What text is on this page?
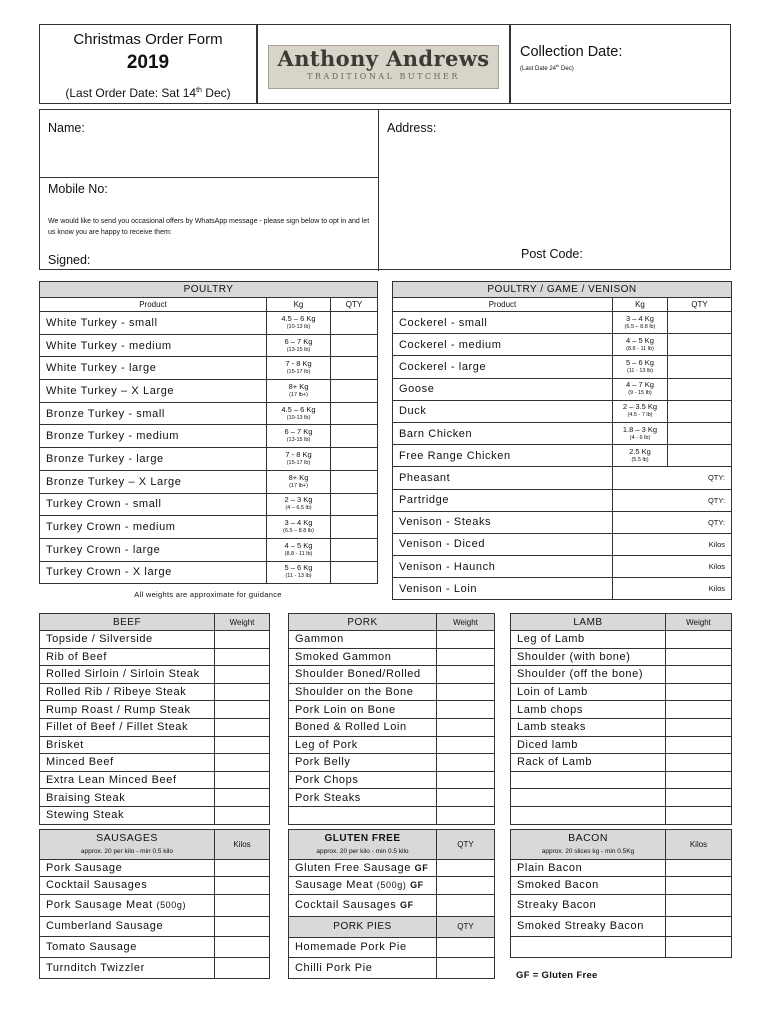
Christmas Order Form
2019
(Last Order Date: Sat 14th Dec)
Anthony Andrews
TRADITIONAL BUTCHER
Collection Date:
(Last Date 24th Dec)
Name:
Mobile No:
We would like to send you occasional offers by WhatsApp message - please sign below to opt in and let us know you are happy to receive them:
Signed:
Address:
Post Code:
POULTRY		
Product	Kg	QTY
White Turkey - small	4.5 – 6 Kg
(10-13 lb)	

White Turkey - medium	6 – 7 Kg
(13-15 lb)	

White Turkey - large	7 - 8 Kg
(15-17 lb)	

White Turkey – X Large	8+ Kg
(17 lb+)	

Bronze Turkey - small	4.5 – 6 Kg
(10-13 lb)	

Bronze Turkey - medium	6 – 7 Kg
(13-15 lb)	

Bronze Turkey - large	7 - 8 Kg
(15-17 lb)	

Bronze Turkey – X Large	8+ Kg
(17 lb+)	

Turkey Crown - small	2 – 3 Kg
(4 – 6.5 lb)	

Turkey Crown - medium	3 – 4 Kg
(6.5 – 8.8 lb)	

Turkey Crown - large	4 – 5 Kg
(8.8 - 11 lb)	

Turkey Crown - X large	5 – 6 Kg
(11 - 13 lb)	

All weights are approximate for guidance
POULTRY / GAME / VENISON		
Product	Kg	QTY
Cockerel - small	3 – 4 Kg
(6.5 – 8.8 lb)	

Cockerel - medium	4 – 5 Kg
(8.8 - 11 lb)	

Cockerel - large	5 – 6 Kg
(11 - 13 lb)	

Goose	4 – 7 Kg
(9 - 15 lb)	

Duck	2 – 3.5 Kg
(4.5 - 7 lb)	

Barn Chicken	1.8 – 3 Kg
(4 - 6 lb)	

Free Range Chicken	2.5 Kg
(5.5 lb)	

Pheasant	QTY:	
Partridge	QTY:	
Venison - Steaks	QTY:	
Venison - Diced	Kilos	
Venison - Haunch	Kilos	
Venison - Loin	Kilos	
BEEF	Weight
Topside / Silverside	
Rib of Beef	
Rolled Sirloin / Sirloin Steak	
Rolled Rib / Ribeye Steak	
Rump Roast / Rump Steak	
Fillet of Beef / Fillet Steak	
Brisket	
Minced Beef	
Extra Lean Minced Beef	
Braising Steak	
Stewing Steak	
PORK	Weight
Gammon	
Smoked Gammon	
Shoulder Boned/Rolled	
Shoulder on the Bone	
Pork Loin on Bone	
Boned & Rolled Loin	
Leg of Pork	
Pork Belly	
Pork Chops	
Pork Steaks	

LAMB	Weight
Leg of Lamb	
Shoulder (with bone)	
Shoulder (off the bone)	
Loin of Lamb	
Lamb chops	
Lamb steaks	
Diced lamb	
Rack of Lamb	

SAUSAGES
approx. 20 per kilo - min 0.5 kilo	Kilos
Pork Sausage	
Cocktail Sausages	
Pork Sausage Meat (500g)	
Cumberland Sausage	
Tomato Sausage	
Turnditch Twizzler	
GLUTEN FREE
approx. 20 per kilo - min 0.5 kilo	QTY
Gluten Free Sausage GF	
Sausage Meat (500g) GF	
Cocktail Sausages GF	
PORK PIES	QTY
Homemade Pork Pie	
Chilli Pork Pie	
BACON
approx. 20 slices kg - min 0.5Kg	Kilos
Plain Bacon	
Smoked Bacon	
Streaky Bacon	
Smoked Streaky Bacon	

GF = Gluten Free
